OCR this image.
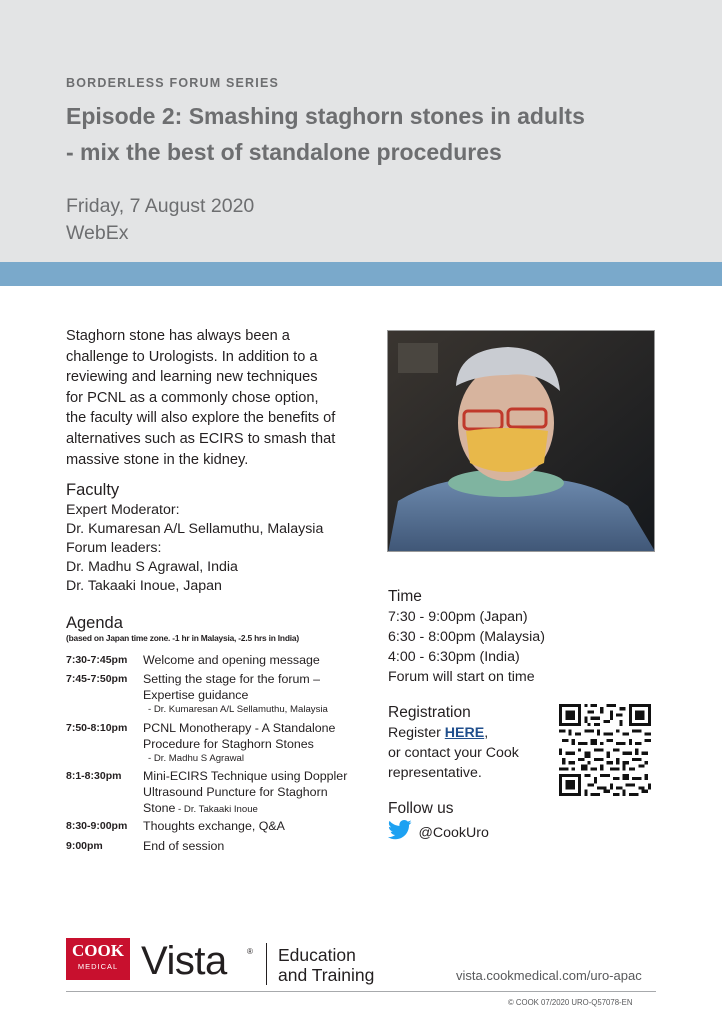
BORDERLESS FORUM SERIES
Episode 2: Smashing staghorn stones in adults
- mix the best of standalone procedures
Friday, 7 August 2020
WebEx
Staghorn stone has always been a
challenge to Urologists. In addition to a
reviewing and learning new techniques
for PCNL as a commonly chose option,
the faculty will also explore the benefits of
alternatives such as ECIRS to smash that
massive stone in the kidney.
Faculty
Expert Moderator:
Dr. Kumaresan A/L Sellamuthu, Malaysia
Forum leaders:
Dr. Madhu S Agrawal, India
Dr. Takaaki Inoue, Japan
Agenda
(based on Japan time zone. -1 hr in Malaysia, -2.5 hrs in India)
7:30-7:45pm Welcome and opening message
7:45-7:50pm Setting the stage for the forum –
Expertise guidance
- Dr. Kumaresan A/L Sellamuthu, Malaysia
7:50-8:10pm PCNL Monotherapy - A Standalone
Procedure for Staghorn Stones
- Dr. Madhu S Agrawal
8:1-8:30pm Mini-ECIRS Technique using Doppler
Ultrasound Puncture for Staghorn
Stone - Dr. Takaaki Inoue
8:30-9:00pm Thoughts exchange, Q&A
9:00pm	End of session
Time
7:30 - 9:00pm (Japan)
6:30 - 8:00pm (Malaysia)
4:00 - 6:30pm (India)
Forum will start on time
Registration
Register HERE,
or contact your Cook
representative.
Follow us
@CookUro
COOK
MEDICAL Vista	® Education
and Training	vista.cookmedical.com/uro-apac
© COOK 07/2020 URO-Q57078-EN
